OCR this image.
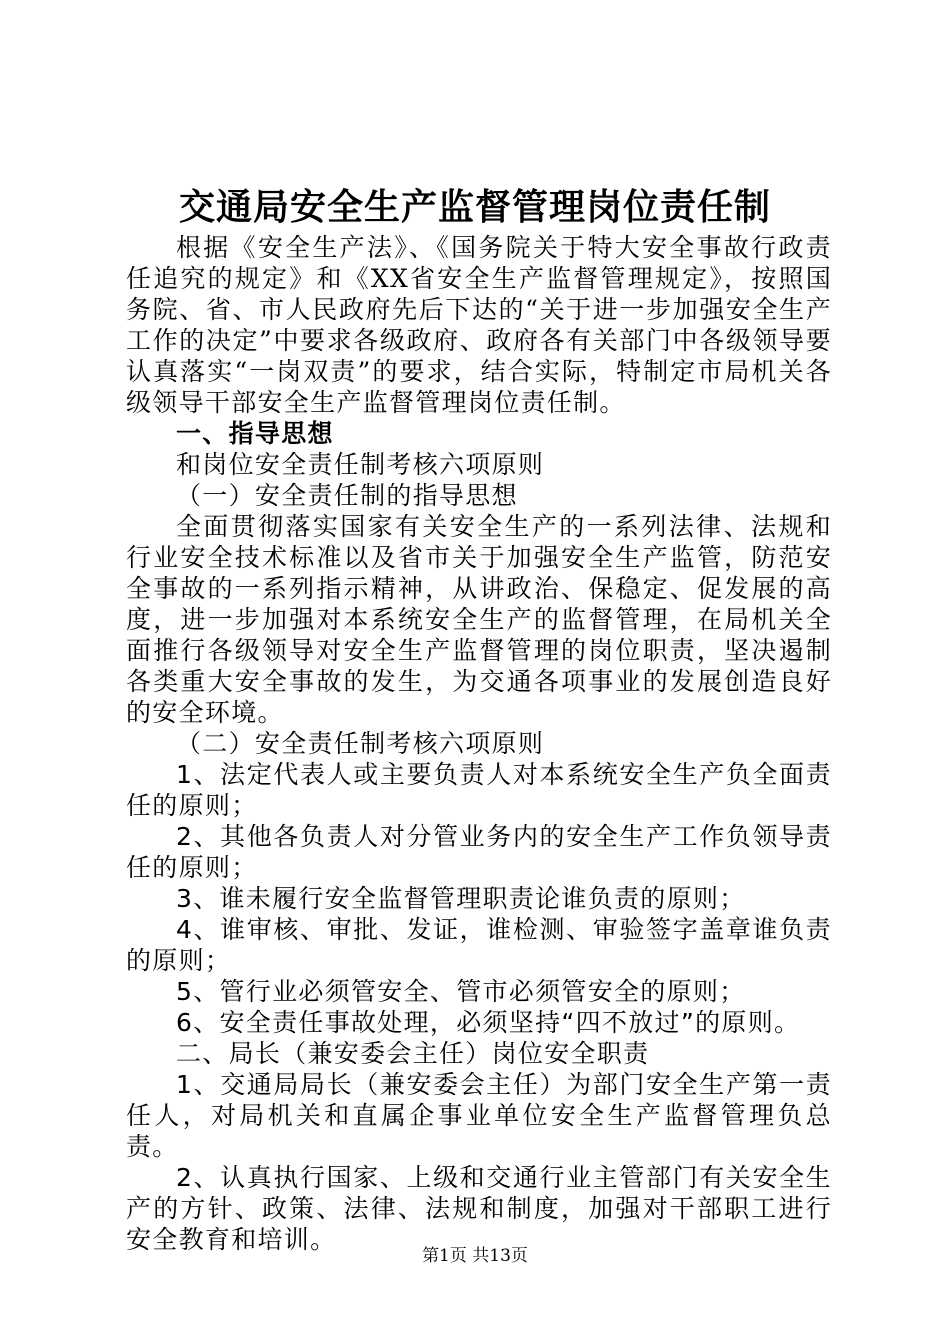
交通局安全生产监督管理岗位责任制

根据《安全生产法》、《国务院关于特大安全事故行政责任追究的规定》和《XX省安全生产监督管理规定》，按照国务院、省、市人民政府先后下达的“关于进一步加强安全生产工作的决定”中要求各级政府、政府各有关部门中各级领导要认真落实“一岗双责”的要求，结合实际，特制定市局机关各级领导干部安全生产监督管理岗位责任制。

一、指导思想

和岗位安全责任制考核六项原则

（一）安全责任制的指导思想

全面贯彻落实国家有关安全生产的一系列法律、法规和行业安全技术标准以及省市关于加强安全生产监管，防范安全事故的一系列指示精神，从讲政治、保稳定、促发展的高度，进一步加强对本系统安全生产的监督管理，在局机关全面推行各级领导对安全生产监督管理的岗位职责，坚决遏制各类重大安全事故的发生，为交通各项事业的发展创造良好的安全环境。

（二）安全责任制考核六项原则

1、法定代表人或主要负责人对本系统安全生产负全面责任的原则；

2、其他各负责人对分管业务内的安全生产工作负领导责任的原则；

3、谁未履行安全监督管理职责论谁负责的原则；

4、谁审核、审批、发证，谁检测、审验签字盖章谁负责的原则；

5、管行业必须管安全、管市必须管安全的原则；

6、安全责任事故处理，必须坚持“四不放过”的原则。

二、局长（兼安委会主任）岗位安全职责

1、交通局局长（兼安委会主任）为部门安全生产第一责任人，对局机关和直属企事业单位安全生产监督管理负总责。

2、认真执行国家、上级和交通行业主管部门有关安全生产的方针、政策、法律、法规和制度，加强对干部职工进行安全教育和培训。

第1页 共13页
